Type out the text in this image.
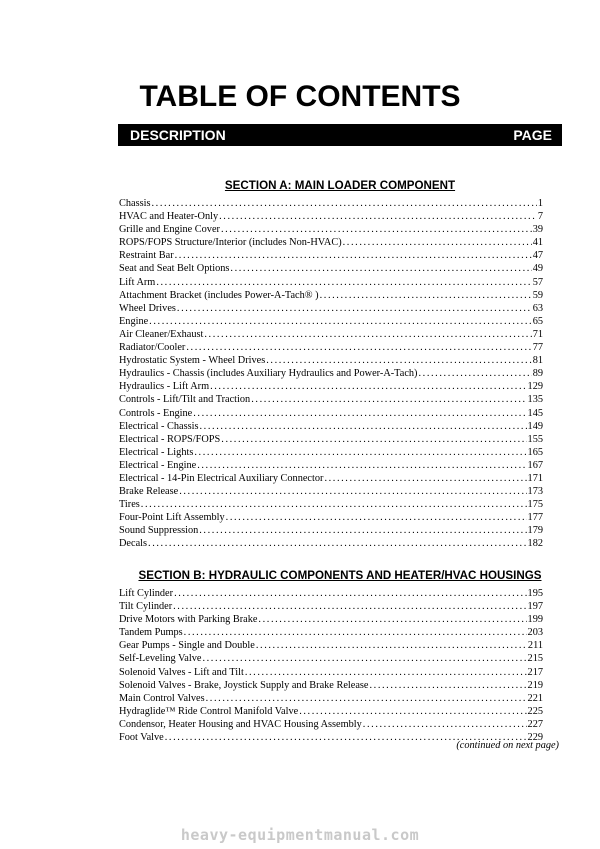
TABLE OF CONTENTS
DESCRIPTION	PAGE
SECTION A: MAIN LOADER COMPONENT
Chassis .....	1
HVAC and Heater-Only .....	7
Grille and Engine Cover .....	39
ROPS/FOPS Structure/Interior (includes Non-HVAC) .....	41
Restraint Bar .....	47
Seat and Seat Belt Options .....	49
Lift Arm .....	57
Attachment Bracket (includes Power-A-Tach® ) .....	59
Wheel Drives .....	63
Engine .....	65
Air Cleaner/Exhaust .....	71
Radiator/Cooler .....	77
Hydrostatic System - Wheel Drives .....	81
Hydraulics - Chassis (includes Auxiliary Hydraulics and Power-A-Tach) .....	89
Hydraulics - Lift Arm .....	129
Controls - Lift/Tilt and Traction .....	135
Controls - Engine .....	145
Electrical - Chassis .....	149
Electrical - ROPS/FOPS .....	155
Electrical - Lights .....	165
Electrical - Engine .....	167
Electrical - 14-Pin Electrical Auxiliary Connector .....	171
Brake Release .....	173
Tires .....	175
Four-Point Lift Assembly .....	177
Sound Suppression .....	179
Decals .....	182
SECTION B: HYDRAULIC COMPONENTS AND HEATER/HVAC HOUSINGS
Lift Cylinder .....	195
Tilt Cylinder .....	197
Drive Motors with Parking Brake .....	199
Tandem Pumps .....	203
Gear Pumps - Single and Double .....	211
Self-Leveling Valve .....	215
Solenoid Valves - Lift and Tilt .....	217
Solenoid Valves - Brake, Joystick Supply and Brake Release .....	219
Main Control Valves .....	221
Hydraglide™ Ride Control Manifold Valve .....	225
Condensor, Heater Housing and HVAC Housing Assembly .....	227
Foot Valve .....	229
(continued on next page)
heavy-equipmentmanual.com
